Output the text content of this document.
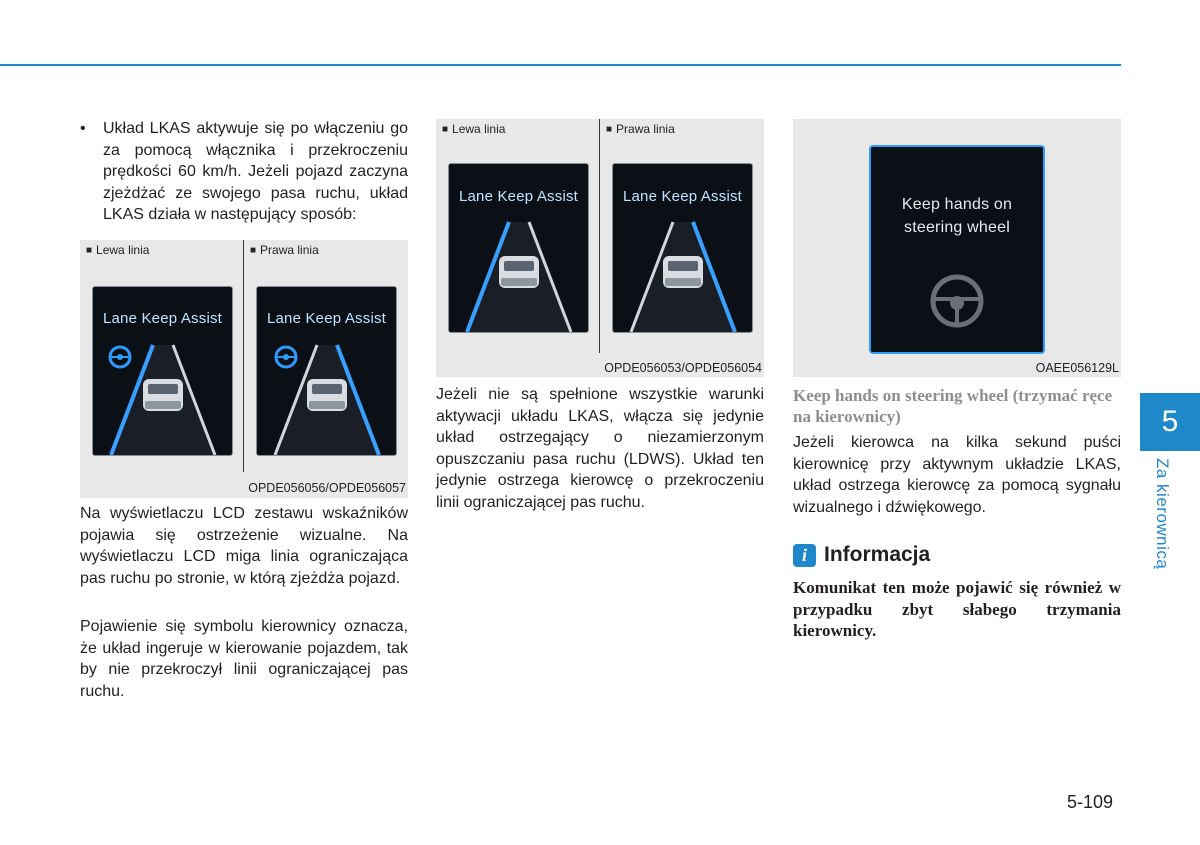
• Układ LKAS aktywuje się po włączeniu go za pomocą włącznika i przekroczeniu prędkości 60 km/h. Jeżeli pojazd zaczyna zjeżdżać ze swojego pasa ruchu, układ LKAS działa w następujący sposób:
■ Lewa linia	■ Prawa linia
Lane Keep Assist	Lane Keep Assist
OPDE056056/OPDE056057

Na wyświetlaczu LCD zestawu wskaźników pojawia się ostrzeżenie wizualne. Na wyświetlaczu LCD miga linia ograniczająca pas ruchu po stronie, w którą zjeżdża pojazd.

Pojawienie się symbolu kierownicy oznacza, że układ ingeruje w kierowanie pojazdem, tak by nie przekroczył linii ograniczającej pas ruchu.

■ Lewa linia	■ Prawa linia
Lane Keep Assist	Lane Keep Assist
OPDE056053/OPDE056054

Jeżeli nie są spełnione wszystkie warunki aktywacji układu LKAS, włącza się jedynie układ ostrzegający o niezamierzonym opuszczaniu pasa ruchu (LDWS). Układ ten jedynie ostrzega kierowcę o przekroczeniu linii ograniczającej pas ruchu.

Keep hands on
steering wheel
OAEE056129L
Keep hands on steering wheel (trzymać ręce na kierownicy)

Jeżeli kierowca na kilka sekund puści kierownicę przy aktywnym układzie LKAS, układ ostrzega kierowcę za pomocą sygnału wizualnego i dźwiękowego.

i Informacja
Komunikat ten może pojawić się również w przypadku zbyt słabego trzymania kierownicy.
5
Za kierownicą
5-109
